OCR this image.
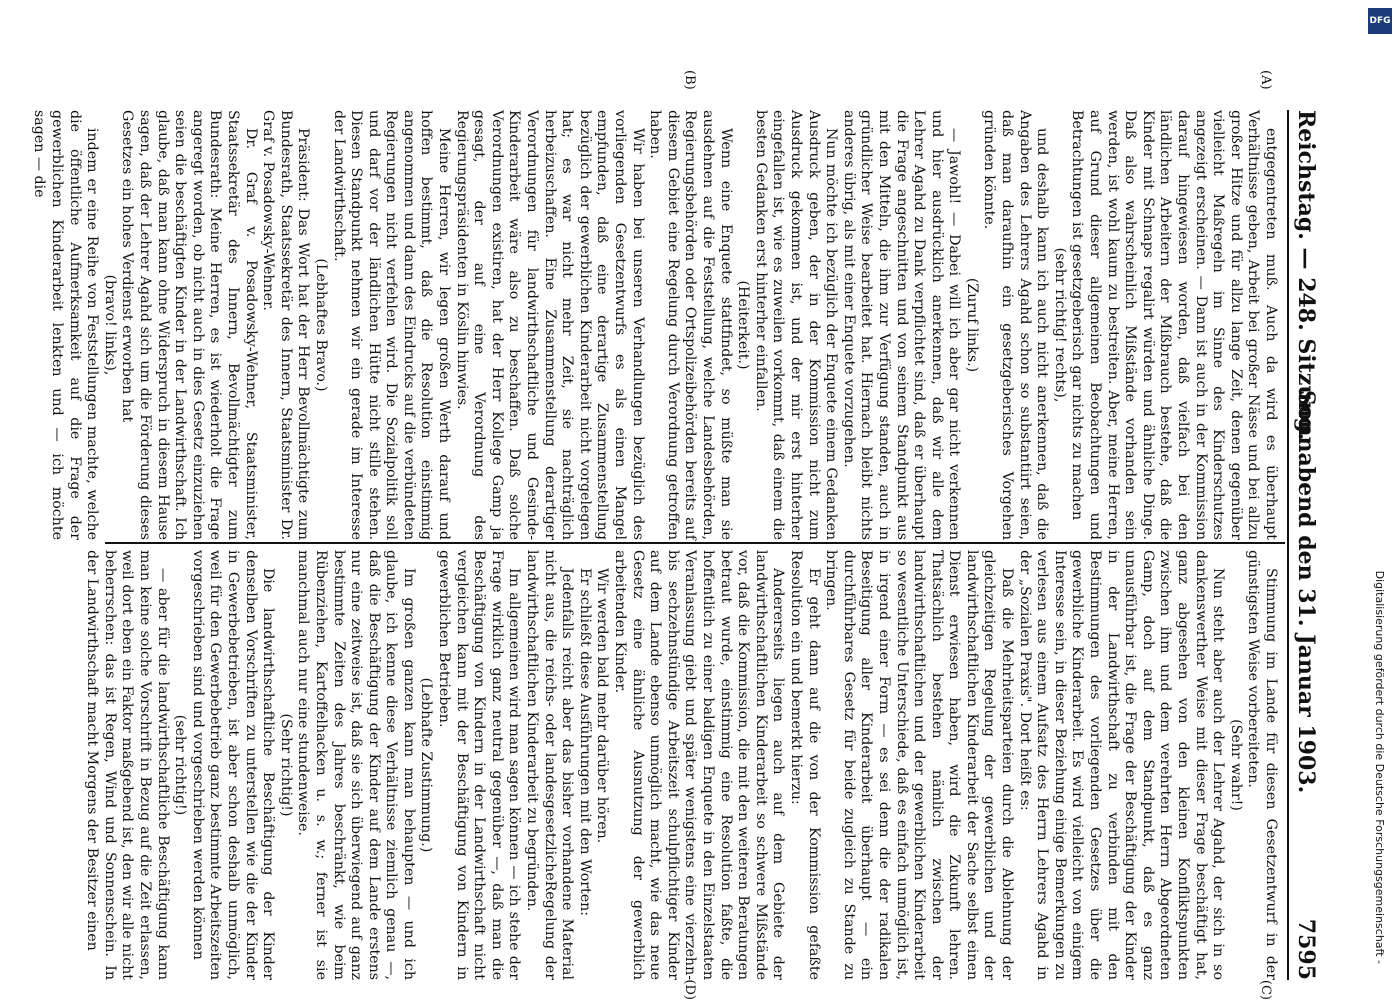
Reichstag. — 248. Sitzung.
Sonnabend den 31. Januar 1903.
7595
(A)
(B)
(C)
(D)

entgegentreten muß. Auch da wird es überhaupt Verhältnisse geben, Arbeit bei großer Nässe und bei allzu großer Hitze und für allzu lange Zeit, denen gegenüber vielleicht Maßregeln im Sinne des Kinderschutzes angezeigt erscheinen. — Dann ist auch in der Kommission darauf hingewiesen worden, daß vielfach bei den ländlichen Arbeitern der Mißbrauch bestehe, daß die Kinder mit Schnaps regalirt würden und ähnliche Dinge. Daß also wahrscheinlich Mißstände vorhanden sein werden, ist wohl kaum zu bestreiten. Aber, meine Herren, auf Grund dieser allgemeinen Beobachtungen und Betrachtungen ist gesetzgeberisch gar nichts zu machen

(sehr richtig! rechts),

und deshalb kann ich auch nicht anerkennen, daß die Angaben des Lehrers Agahd schon so substantiirt seien, daß man daraufhin ein gesetzgeberisches Vorgehen gründen könnte.

(Zuruf links.)

— Jawohl! — Dabei will ich aber gar nicht verkennen und hier ausdrücklich anerkennen, daß wir alle dem Lehrer Agahd zu Dank verpflichtet sind, daß er überhaupt die Frage angeschnitten und von seinem Standpunkt aus mit den Mitteln, die ihm zur Verfügung standen, auch in gründlicher Weise bearbeitet hat. Hiernach bleibt nichts anderes übrig, als mit einer Enquete vorzugehen.

Nun möchte ich bezüglich der Enquete einem Gedanken Ausdruck geben, der in der Kommission nicht zum Ausdruck gekommen ist, und der mir erst hinterher eingefallen ist, wie es zuweilen vorkommt, daß einem die besten Gedanken erst hinterher einfallen.

(Heiterkeit.)

Wenn eine Enquete stattfindet, so müßte man sie ausdehnen auf die Feststellung, welche Landesbehörden, Regierungsbehörden oder Ortspolizeibehörden bereits auf diesem Gebiet eine Regelung durch Verordnung getroffen haben.

Wir haben bei unseren Verhandlungen bezüglich des vorliegenden Gesetzentwurfs es als einen Mangel empfunden, daß eine derartige Zusammenstellung bezüglich der gewerblichen Kinderarbeit nicht vorgelegen hat; es war nicht mehr Zeit, sie nachträglich herbeizuschaffen. Eine Zusammenstellung derartiger Verordnungen für landwirthschaftliche und Gesinde-Kinderarbeit wäre also zu beschaffen. Daß solche Verordnungen existiren, hat der Herr Kollege Gamp ja gesagt, der auf eine Verordnung des Regierungspräsidenten in Köslin hinwies.

Meine Herren, wir legen großen Werth darauf und hoffen bestimmt, daß die Resolution einstimmig angenommen und dann des Eindrucks auf die verbündeten Regierungen nicht verfehlen wird. Die Sozialpolitik soll und darf vor der ländlichen Hütte nicht stille stehen. Diesen Standpunkt nehmen wir ein gerade im Interesse der Landwirthschaft.

(Lebhaftes Bravo.)

Präsident: Das Wort hat der Herr Bevollmächtigte zum Bundesrath, Staatssekretär des Innern, Staatsminister Dr. Graf v. Posadowsky-Wehner.

Dr. Graf v. Posadowsky-Wehner, Staatsminister, Staatssekretär des Innern, Bevollmächtigter zum Bundesrath: Meine Herren, es ist wiederholt die Frage angeregt worden, ob nicht auch in dies Gesetz einzuziehen seien die beschäftigten Kinder in der Landwirthschaft. Ich glaube, daß man kann ohne Widerspruch in diesem Hause sagen, daß der Lehrer Agahd sich um die Förderung dieses Gesetzes ein hohes Verdienst erworben hat

(bravo! links),

indem er eine Reihe von Feststellungen machte, welche die öffentliche Aufmerksamkeit auf die Frage der gewerblichen Kinderarbeit lenkten und — ich möchte sagen — die

Stimmung im Lande für diesen Gesetzentwurf in der günstigsten Weise vorbereiteten.

(Sehr wahr!)

Nun steht aber auch der Lehrer Agahd, der sich in so dankenswerther Weise mit dieser Frage beschäftigt hat, ganz abgesehen von den kleinen Konfliktspunkten zwischen ihm und dem verehrten Herrn Abgeordneten Gamp, doch auf dem Standpunkt, daß es ganz unausführbar ist, die Frage der Beschäftigung der Kinder in der Landwirthschaft zu verbinden mit den Bestimmungen des vorliegenden Gesetzes über die gewerbliche Kinderarbeit. Es wird vielleicht von einigem Interesse sein, in dieser Beziehung einige Bemerkungen zu verlesen aus einem Aufsatz des Herrn Lehrers Agahd in der „Sozialen Praxis". Dort heißt es:

Daß die Mehrheitsparteien durch die Ablehnung der gleichzeitigen Regelung der gewerblichen und der landwirthschaftlichen Kinderarbeit der Sache selbst einen Dienst erwiesen haben, wird die Zukunft lehren. Thatsächlich bestehen nämlich zwischen der landwirthschaftlichen und der gewerblichen Kinderarbeit so wesentliche Unterschiede, daß es einfach unmöglich ist, in irgend einer Form — es sei denn die der radikalen Beseitigung aller Kinderarbeit überhaupt — ein durchführbares Gesetz für beide zugleich zu Stande zu bringen.

Er geht dann auf die von der Kommission gefaßte Resolution ein und bemerkt hierzu:

Andererseits liegen auch auf dem Gebiete der landwirthschaftlichen Kinderarbeit so schwere Mißstände vor, daß die Kommission, die mit den weiteren Beratungen betraut wurde, einstimmig eine Resolution faßte, die hoffentlich zu einer baldigen Enquete in den Einzelstaaten Veranlassung giebt und später wenigstens eine vierzehn- bis sechzehnstündige Arbeitszeit schulpflichtiger Kinder auf dem Lande ebenso unmöglich macht, wie das neue Gesetz eine ähnliche Ausnutzung der gewerblich arbeitenden Kinder.

Wir werden bald mehr darüber hören.

Er schließt diese Ausführungen mit den Worten:

Jedenfalls reicht aber das bisher vorhandene Material nicht aus, die reichs- oder landesgesetzlicheRegelung der landwirthschaftlichen Kinderarbeit zu begründen.

Im allgemeinen wird man sagen können — ich stehe der Frage wirklich ganz neutral gegenüber —, daß man die Beschäftigung von Kindern in der Landwirthschaft nicht vergleichen kann mit der Beschäftigung von Kindern in gewerblichen Betrieben.

(Lebhafte Zustimmung.)

Im großen ganzen kann man behaupten — und ich glaube, ich kenne diese Verhältnisse ziemlich genau —, daß die Beschäftigung der Kinder auf dem Lande erstens nur eine zeitweise ist, daß sie sich überwiegend auf ganz bestimmte Zeiten des Jahres beschränkt, wie beim Rübenziehen, Kartoffelhacken u. s. w.; ferner ist sie manchmal auch nur eine stundenweise.

(Sehr richtig!)

Die landwirthschaftliche Beschäftigung der Kinder denselben Vorschriften zu unterstellen wie die der Kinder in Gewerbebetrieben, ist aber schon deshalb unmöglich, weil für den Gewerbebetrieb ganz bestimmte Arbeitszeiten vorgeschrieben sind und vorgeschrieben werden können

(sehr richtig!)

— aber für die landwirthschaftliche Beschäftigung kann man keine solche Vorschrift in Bezug auf die Zeit erlassen, weil dort eben ein Faktor maßgebend ist, den wir alle nicht beherrschen: das ist Regen, Wind und Sonnenschein. In der Landwirthschaft macht Morgens der Besitzer einen	Digitalisierung gefördert durch die Deutsche Forschungsgemeinschaft -
DFG
